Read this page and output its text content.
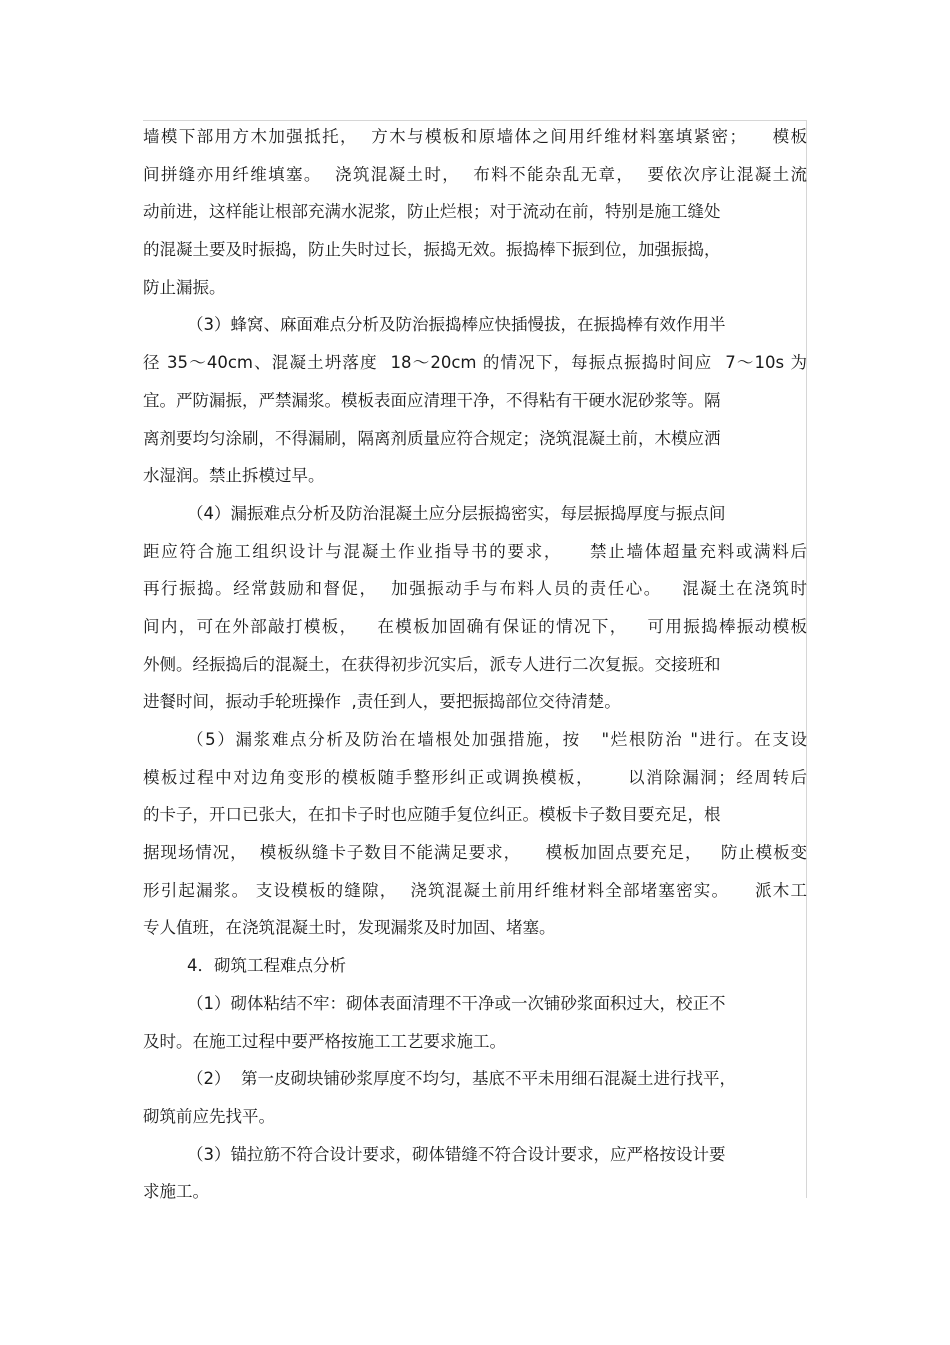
墙模下部用方木加强抵托，  方木与模板和原墙体之间用纤维材料塞填紧密；    模板
间拼缝亦用纤维填塞。  浇筑混凝土时，  布料不能杂乱无章，  要依次序让混凝土流
动前进，这样能让根部充满水泥浆，防止烂根；对于流动在前，特别是施工缝处
的混凝土要及时振捣，防止失时过长，振捣无效。振捣棒下振到位，加强振捣，
防止漏振。
（3）蜂窝、麻面难点分析及防治振捣棒应快插慢拔，在振捣棒有效作用半
径 35～40cm、混凝土坍落度  18～20cm 的情况下，每振点振捣时间应  7～10s 为
宜。严防漏振，严禁漏浆。模板表面应清理干净，不得粘有干硬水泥砂浆等。隔
离剂要均匀涂刷，不得漏刷，隔离剂质量应符合规定；浇筑混凝土前，木模应洒
水湿润。禁止拆模过早。
（4）漏振难点分析及防治混凝土应分层振捣密实，每层振捣厚度与振点间
距应符合施工组织设计与混凝土作业指导书的要求，    禁止墙体超量充料或满料后
再行振捣。经常鼓励和督促，  加强振动手与布料人员的责任心。   混凝土在浇筑时
间内，可在外部敲打模板，   在模板加固确有保证的情况下，   可用振捣棒振动模板
外侧。经振捣后的混凝土，在获得初步沉实后，派专人进行二次复振。交接班和
进餐时间，振动手轮班操作  ,责任到人，要把振捣部位交待清楚。
（5）漏浆难点分析及防治在墙根处加强措施，按   "烂根防治 "进行。在支设
模板过程中对边角变形的模板随手整形纠正或调换模板，     以消除漏洞；经周转后
的卡子，开口已张大，在扣卡子时也应随手复位纠正。模板卡子数目要充足，根
据现场情况，  模板纵缝卡子数目不能满足要求，    模板加固点要充足，   防止模板变
形引起漏浆。 支设模板的缝隙，  浇筑混凝土前用纤维材料全部堵塞密实。    派木工
专人值班，在浇筑混凝土时，发现漏浆及时加固、堵塞。
4．砌筑工程难点分析
（1）砌体粘结不牢：砌体表面清理不干净或一次铺砂浆面积过大，校正不
及时。在施工过程中要严格按施工工艺要求施工。
（2）  第一皮砌块铺砂浆厚度不均匀，基底不平未用细石混凝土进行找平，
砌筑前应先找平。
（3）锚拉筋不符合设计要求，砌体错缝不符合设计要求，应严格按设计要
求施工。
